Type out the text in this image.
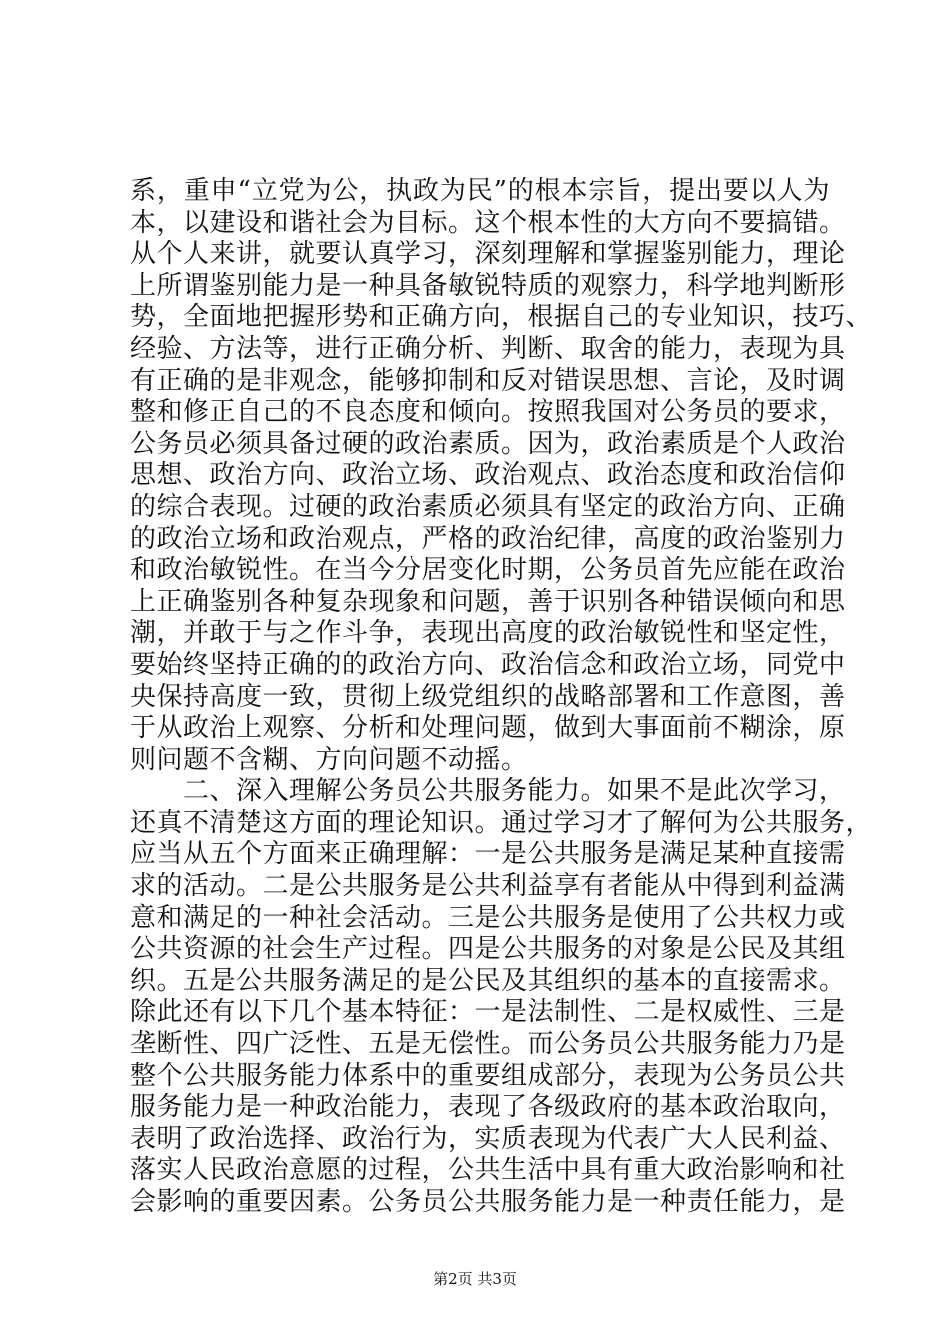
系，重申“立党为公，执政为民”的根本宗旨，提出要以人为
本，以建设和谐社会为目标。这个根本性的大方向不要搞错。
从个人来讲，就要认真学习，深刻理解和掌握鉴别能力，理论
上所谓鉴别能力是一种具备敏锐特质的观察力，科学地判断形
势，全面地把握形势和正确方向，根据自己的专业知识，技巧、
经验、方法等，进行正确分析、判断、取舍的能力，表现为具
有正确的是非观念，能够抑制和反对错误思想、言论，及时调
整和修正自己的不良态度和倾向。按照我国对公务员的要求，
公务员必须具备过硬的政治素质。因为，政治素质是个人政治
思想、政治方向、政治立场、政治观点、政治态度和政治信仰
的综合表现。过硬的政治素质必须具有坚定的政治方向、正确
的政治立场和政治观点，严格的政治纪律，高度的政治鉴别力
和政治敏锐性。在当今分居变化时期，公务员首先应能在政治
上正确鉴别各种复杂现象和问题，善于识别各种错误倾向和思
潮，并敢于与之作斗争，表现出高度的政治敏锐性和坚定性，
要始终坚持正确的的政治方向、政治信念和政治立场，同党中
央保持高度一致，贯彻上级党组织的战略部署和工作意图，善
于从政治上观察、分析和处理问题，做到大事面前不糊涂，原
则问题不含糊、方向问题不动摇。
　　二、深入理解公务员公共服务能力。如果不是此次学习，
还真不清楚这方面的理论知识。通过学习才了解何为公共服务，
应当从五个方面来正确理解：一是公共服务是满足某种直接需
求的活动。二是公共服务是公共利益享有者能从中得到利益满
意和满足的一种社会活动。三是公共服务是使用了公共权力或
公共资源的社会生产过程。四是公共服务的对象是公民及其组
织。五是公共服务满足的是公民及其组织的基本的直接需求。
除此还有以下几个基本特征：一是法制性、二是权威性、三是
垄断性、四广泛性、五是无偿性。而公务员公共服务能力乃是
整个公共服务能力体系中的重要组成部分，表现为公务员公共
服务能力是一种政治能力，表现了各级政府的基本政治取向，
表明了政治选择、政治行为，实质表现为代表广大人民利益、
落实人民政治意愿的过程，公共生活中具有重大政治影响和社
会影响的重要因素。公务员公共服务能力是一种责任能力，是
第2页 共3页
